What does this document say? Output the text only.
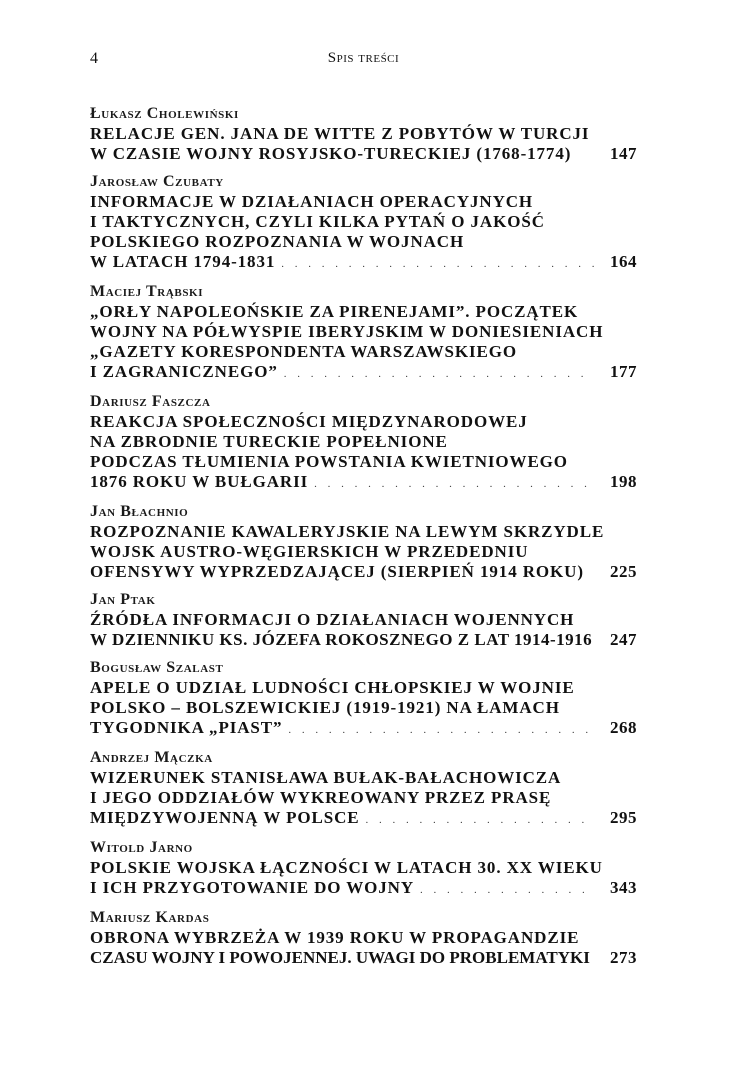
4	Spis treści
Łukasz Cholewiński
RELACJE GEN. JANA DE WITTE Z POBYTÓW W TURCJI
W CZASIE WOJNY ROSYJSKO-TURECKIEJ (1768-1774)	147
Jarosław Czubaty
INFORMACJE W DZIAŁANIACH OPERACYJNYCH
I TAKTYCZNYCH, CZYLI KILKA PYTAŃ O JAKOŚĆ
POLSKIEGO ROZPOZNANIA W WOJNACH
W LATACH 1794-1831 . . .	164
Maciej Trąbski
„ORŁY NAPOLEOŃSKIE ZA PIRENEJAMI”. POCZĄTEK
WOJNY NA PÓŁWYSPIE IBERYJSKIM W DONIESIENIACH
„GAZETY KORESPONDENTA WARSZAWSKIEGO
I ZAGRANICZNEGO” . . .	177
Dariusz Faszcza
REAKCJA SPOŁECZNOŚCI MIĘDZYNARODOWEJ
NA ZBRODNIE TURECKIE POPEŁNIONE
PODCZAS TŁUMIENIA POWSTANIA KWIETNIOWEGO
1876 ROKU W BUŁGARII . . .	198
Jan Błachnio
ROZPOZNANIE KAWALERYJSKIE NA LEWYM SKRZYDLE
WOJSK AUSTRO-WĘGIERSKICH W PRZEDEDNIU
OFENSYWY WYPRZEDZAJĄCEJ (SIERPIEŃ 1914 ROKU)	225
Jan Ptak
ŹRÓDŁA INFORMACJI O DZIAŁANIACH WOJENNYCH
W DZIENNIKU KS. JÓZEFA ROKOSZNEGO Z LAT 1914-1916	247
Bogusław Szalast
APELE O UDZIAŁ LUDNOŚCI CHŁOPSKIEJ W WOJNIE
POLSKO – BOLSZEWICKIEJ (1919-1921) NA ŁAMACH
TYGODNIKA „PIAST” . . .	268
Andrzej Mączka
WIZERUNEK STANISŁAWA BUŁAK-BAŁACHOWICZA
I JEGO ODDZIAŁÓW WYKREOWANY PRZEZ PRASĘ
MIĘDZYWOJENNĄ W POLSCE . . .	295
Witold Jarno
POLSKIE WOJSKA ŁĄCZNOŚCI W LATACH 30. XX WIEKU
I ICH PRZYGOTOWANIE DO WOJNY . . .	343
Mariusz Kardas
OBRONA WYBRZEŻA W 1939 ROKU W PROPAGANDZIE
CZASU WOJNY I POWOJENNEJ. UWAGI DO PROBLEMATYKI	273
